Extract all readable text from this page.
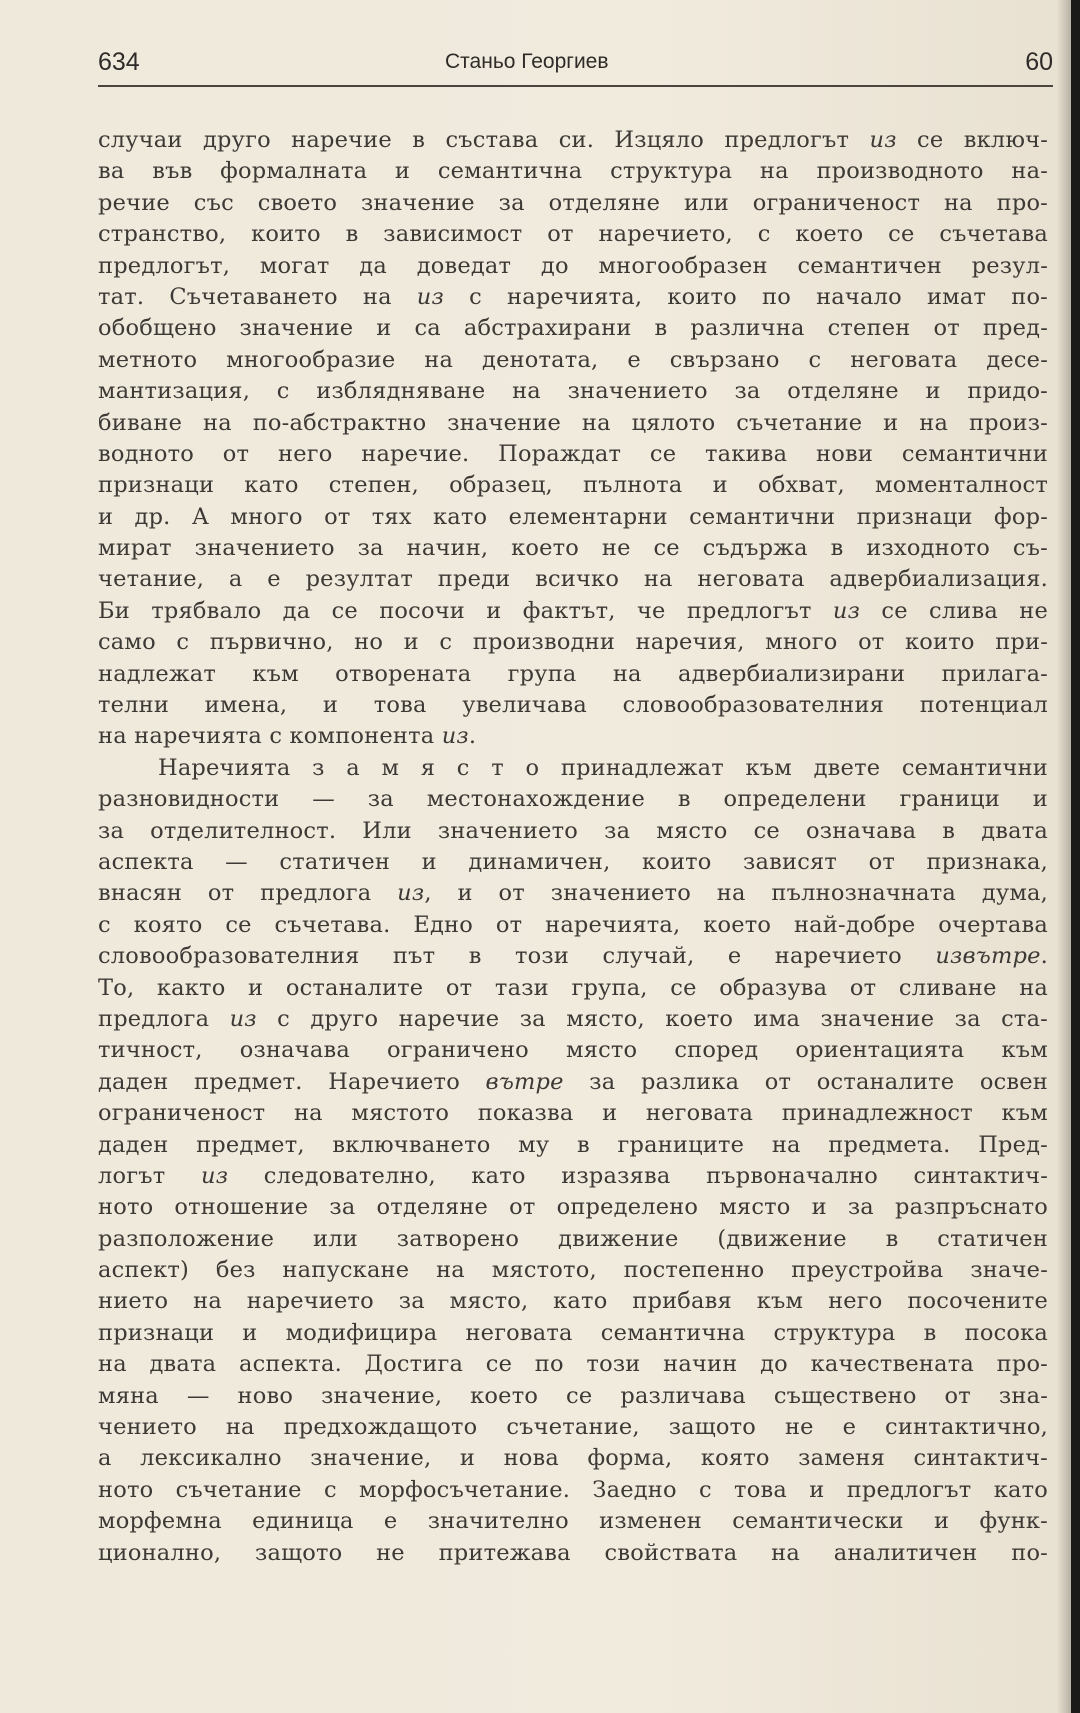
634	Станьо Георгиев	60
случаи друго наречие в състава си. Изцяло предлогът из се включ-
ва във формалната и семантична структура на производното на-
речие със своето значение за отделяне или ограниченост на про-
странство, които в зависимост от наречието, с което се съчетава
предлогът, могат да доведат до многообразен семантичен резул-
тат. Съчетаването на из с наречията, които по начало имат по-
обобщено значение и са абстрахирани в различна степен от пред-
метното многообразие на денотата, е свързано с неговата десе-
мантизация, с изблядняване на значението за отделяне и придо-
биване на по-абстрактно значение на цялото съчетание и на произ-
водното от него наречие. Пораждат се такива нови семантични
признаци като степен, образец, пълнота и обхват, моменталност
и др. А много от тях като елементарни семантични признаци фор-
мират значението за начин, което не се съдържа в изходното съ-
четание, а е резултат преди всичко на неговата адвербиализация.
Би трябвало да се посочи и фактът, че предлогът из се слива не
само с първично, но и с производни наречия, много от които при-
надлежат към отворената група на адвербиализирани прилага-
телни имена, и това увеличава словообразователния потенциал
на наречията с компонента из.
Наречията з а м я с т о принадлежат към двете семантични
разновидности — за местонахождение в определени граници и
за отделителност. Или значението за място се означава в двата
аспекта — статичен и динамичен, които зависят от признака,
внасян от предлога из, и от значението на пълнозначната дума,
с която се съчетава. Едно от наречията, което най-добре очертава
словообразователния път в този случай, е наречието извътре.
То, както и останалите от тази група, се образува от сливане на
предлога из с друго наречие за място, което има значение за ста-
тичност, означава ограничено място според ориентацията към
даден предмет. Наречието вътре за разлика от останалите освен
ограниченост на мястото показва и неговата принадлежност към
даден предмет, включването му в границите на предмета. Пред-
логът из следователно, като изразява първоначално синтактич-
ното отношение за отделяне от определено място и за разпръснато
разположение или затворено движение (движение в статичен
аспект) без напускане на мястото, постепенно преустройва значе-
нието на наречието за място, като прибавя към него посочените
признаци и модифицира неговата семантична структура в посока
на двата аспекта. Достига се по този начин до качествената про-
мяна — ново значение, което се различава съществено от зна-
чението на предхождащото съчетание, защото не е синтактично,
а лексикално значение, и нова форма, която заменя синтактич-
ното съчетание с морфосъчетание. Заедно с това и предлогът като
морфемна единица е значително изменен семантически и функ-
ционално, защото не притежава свойствата на аналитичен по-
